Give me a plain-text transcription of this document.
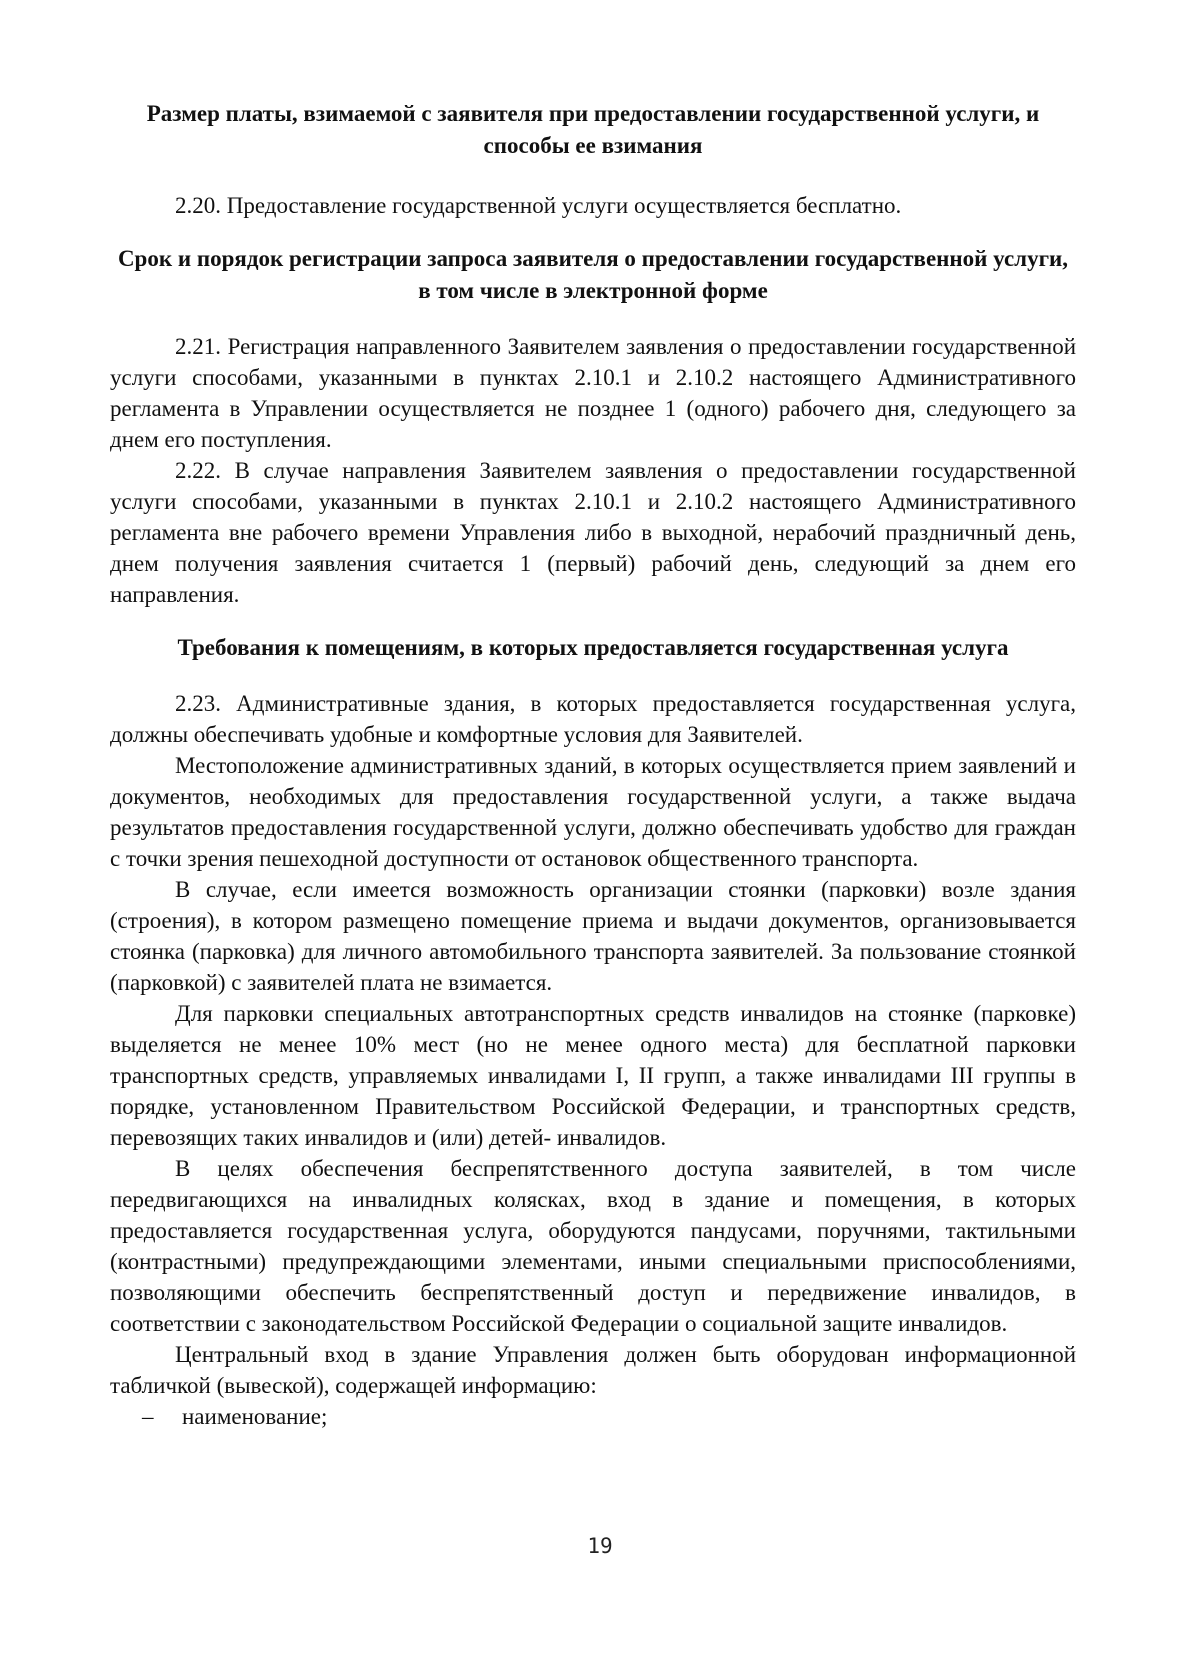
Размер платы, взимаемой с заявителя при предоставлении государственной услуги, и способы ее взимания

2.20. Предоставление государственной услуги осуществляется бесплатно.

Срок и порядок регистрации запроса заявителя о предоставлении государственной услуги, в том числе в электронной форме

2.21. Регистрация направленного Заявителем заявления о предоставлении государственной услуги способами, указанными в пунктах 2.10.1 и 2.10.2 настоящего Административного регламента в Управлении осуществляется не позднее 1 (одного) рабочего дня, следующего за днем его поступления.

2.22. В случае направления Заявителем заявления о предоставлении государственной услуги способами, указанными в пунктах 2.10.1 и 2.10.2 настоящего Административного регламента вне рабочего времени Управления либо в выходной, нерабочий праздничный день, днем получения заявления считается 1 (первый) рабочий день, следующий за днем его направления.

Требования к помещениям, в которых предоставляется государственная услуга

2.23. Административные здания, в которых предоставляется государственная услуга, должны обеспечивать удобные и комфортные условия для Заявителей.

Местоположение административных зданий, в которых осуществляется прием заявлений и документов, необходимых для предоставления государственной услуги, а также выдача результатов предоставления государственной услуги, должно обеспечивать удобство для граждан с точки зрения пешеходной доступности от остановок общественного транспорта.

В случае, если имеется возможность организации стоянки (парковки) возле здания (строения), в котором размещено помещение приема и выдачи документов, организовывается стоянка (парковка) для личного автомобильного транспорта заявителей. За пользование стоянкой (парковкой) с заявителей плата не взимается.

Для парковки специальных автотранспортных средств инвалидов на стоянке (парковке) выделяется не менее 10% мест (но не менее одного места) для бесплатной парковки транспортных средств, управляемых инвалидами I, II групп, а также инвалидами III группы в порядке, установленном Правительством Российской Федерации, и транспортных средств, перевозящих таких инвалидов и (или) детей- инвалидов.

В целях обеспечения беспрепятственного доступа заявителей, в том числе передвигающихся на инвалидных колясках, вход в здание и помещения, в которых предоставляется государственная услуга, оборудуются пандусами, поручнями, тактильными (контрастными) предупреждающими элементами, иными специальными приспособлениями, позволяющими обеспечить беспрепятственный доступ и передвижение инвалидов, в соответствии с законодательством Российской Федерации о социальной защите инвалидов.

Центральный вход в здание Управления должен быть оборудован информационной табличкой (вывеской), содержащей информацию:

–	наименование;
19
